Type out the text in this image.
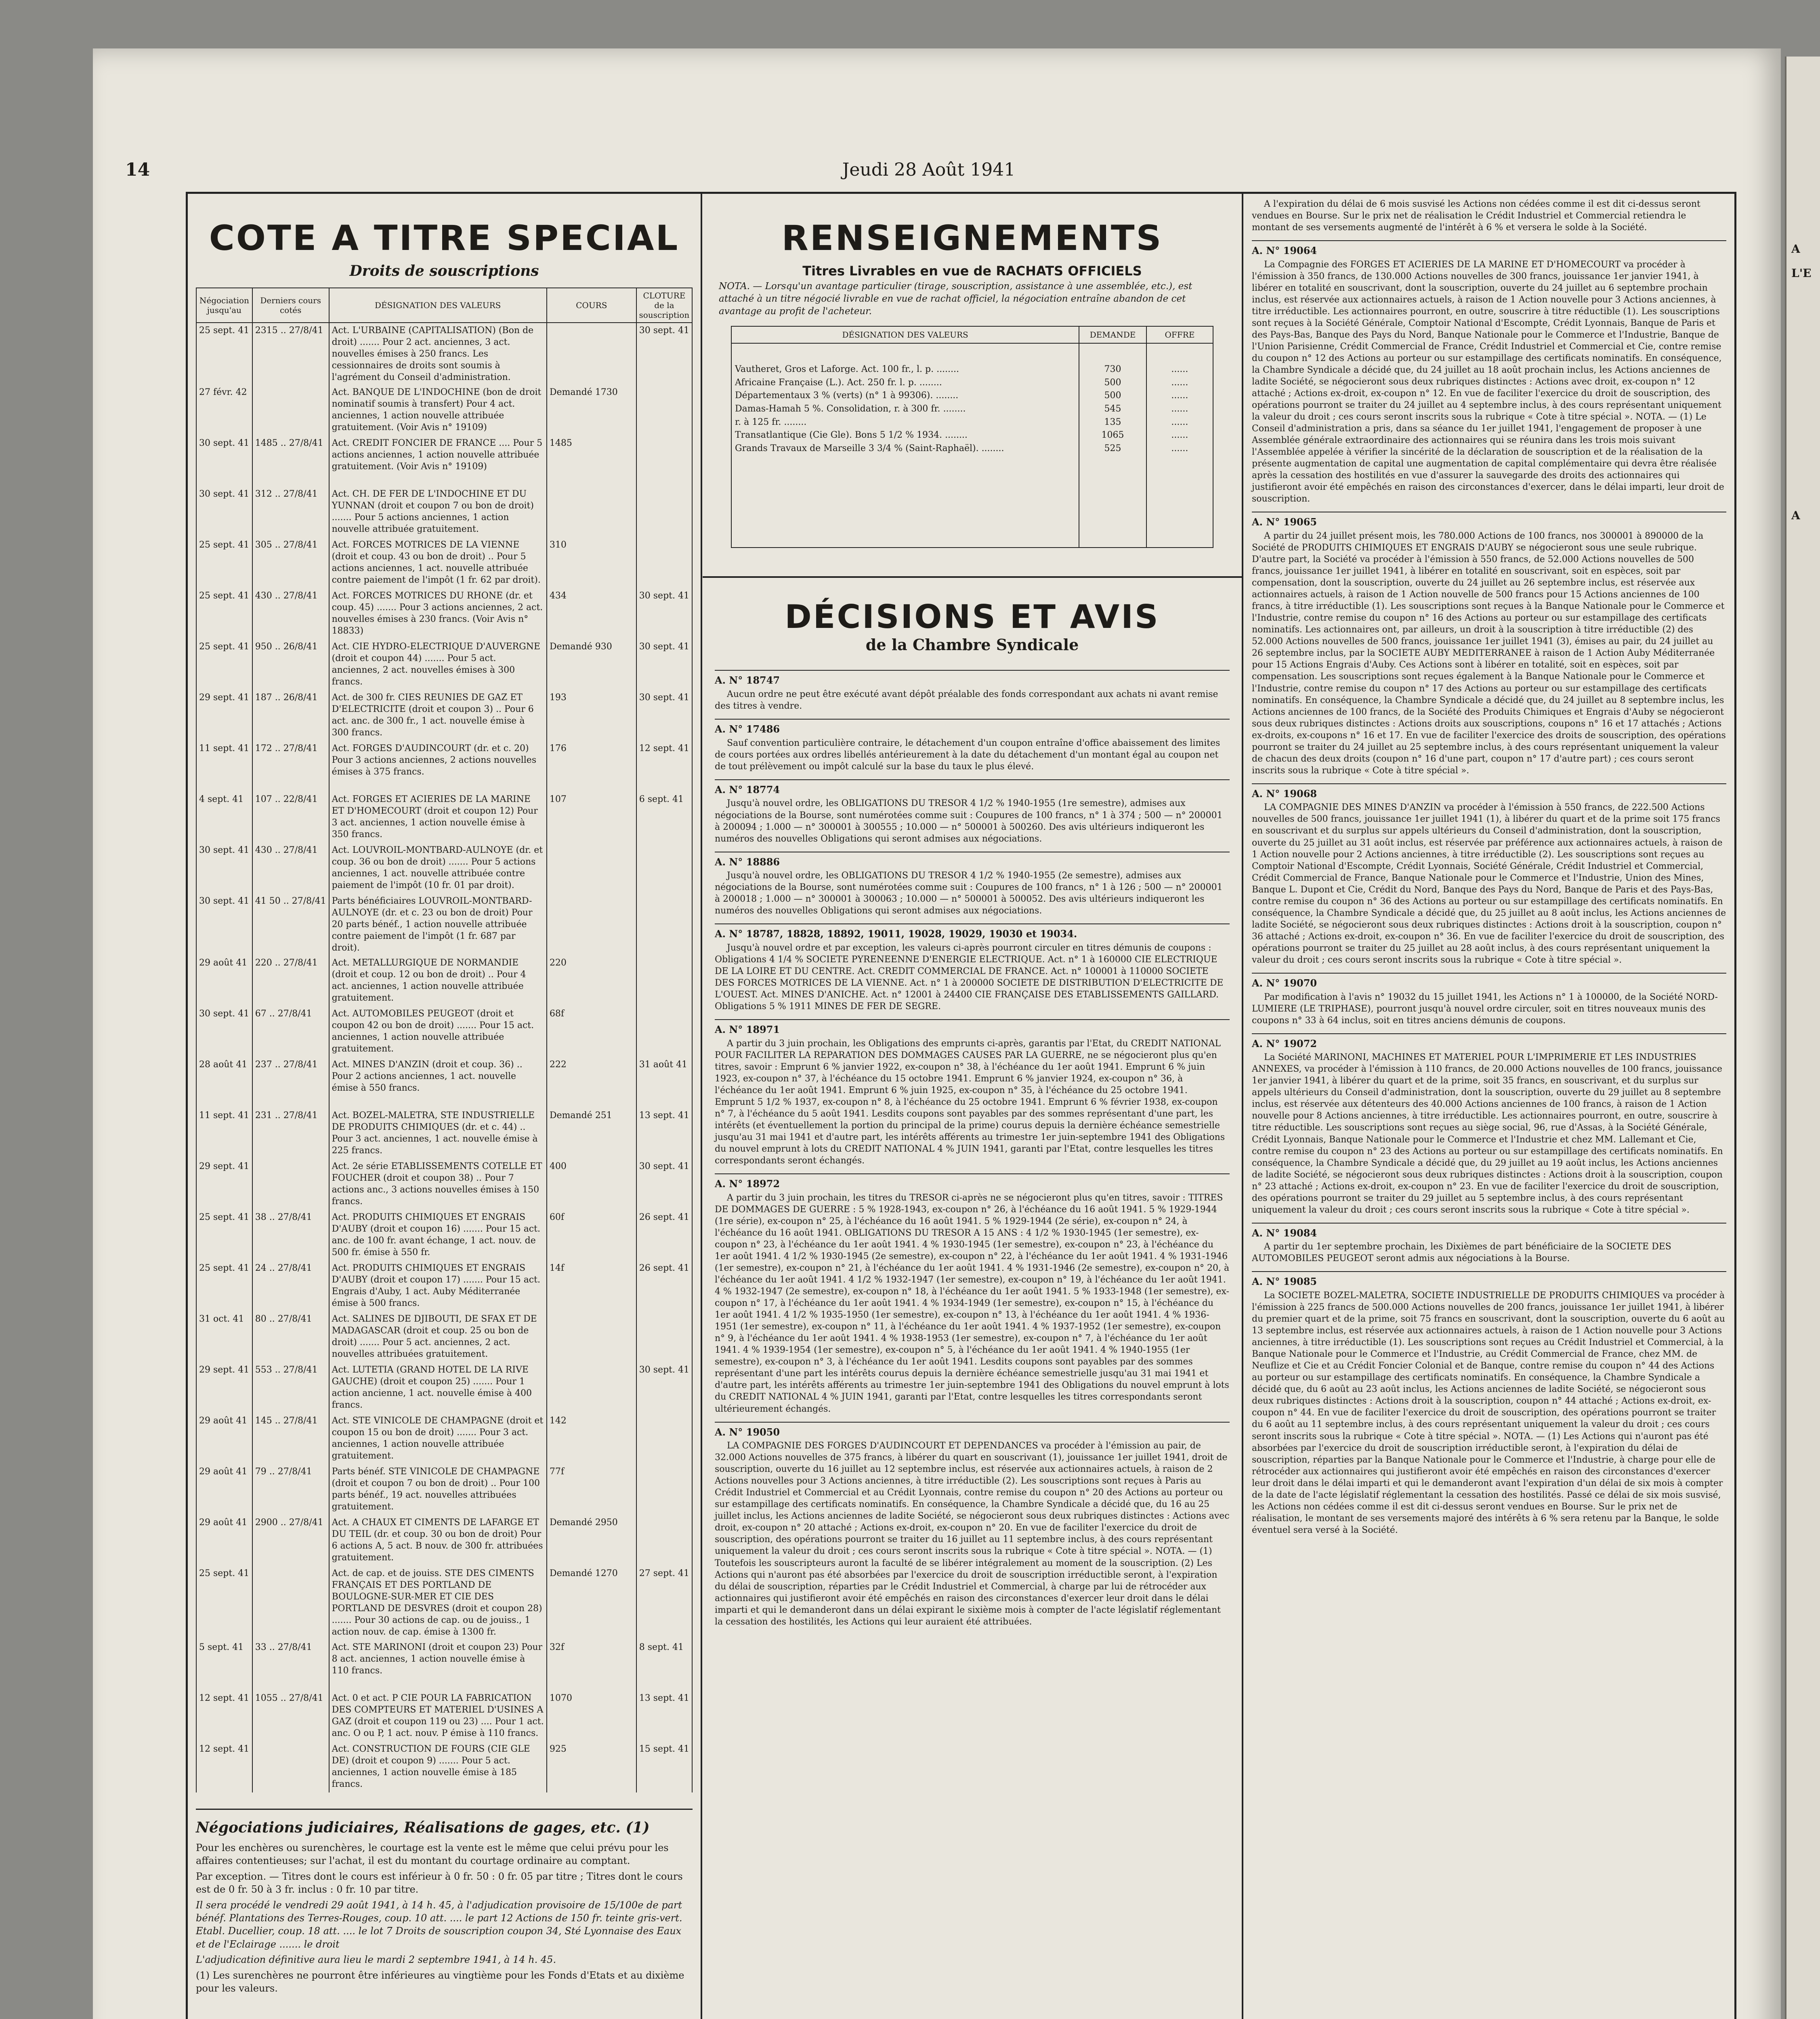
A
L'E
A
14	Jeudi 28 Août 1941
COTE A TITRE SPECIAL
Droits de souscriptions
Négociation jusqu'au	Derniers cours cotés	DÉSIGNATION DES VALEURS	COURS	CLOTURE de la souscription
25 sept. 41	2315 .. 27/8/41	Act. L'URBAINE (CAPITALISATION) (Bon de droit) ....... Pour 2 act. anciennes, 3 act. nouvelles émises à 250 francs. Les cessionnaires de droits sont soumis à l'agrément du Conseil d'administration.		30 sept. 41
27 févr. 42		Act. BANQUE DE L'INDOCHINE (bon de droit nominatif soumis à transfert) Pour 4 act. anciennes, 1 action nouvelle attribuée gratuitement. (Voir Avis n° 19109)	Demandé 1730	
30 sept. 41	1485 .. 27/8/41	Act. CREDIT FONCIER DE FRANCE .... Pour 5 actions anciennes, 1 action nouvelle attribuée gratuitement. (Voir Avis n° 19109)	1485	
30 sept. 41	312 .. 27/8/41	Act. CH. DE FER DE L'INDOCHINE ET DU YUNNAN (droit et coupon 7 ou bon de droit) ....... Pour 5 actions anciennes, 1 action nouvelle attribuée gratuitement.		
25 sept. 41	305 .. 27/8/41	Act. FORCES MOTRICES DE LA VIENNE (droit et coup. 43 ou bon de droit) .. Pour 5 actions anciennes, 1 act. nouvelle attribuée contre paiement de l'impôt (1 fr. 62 par droit).	310	
25 sept. 41	430 .. 27/8/41	Act. FORCES MOTRICES DU RHONE (dr. et coup. 45) ....... Pour 3 actions anciennes, 2 act. nouvelles émises à 230 francs. (Voir Avis n° 18833)	434	30 sept. 41
25 sept. 41	950 .. 26/8/41	Act. CIE HYDRO-ELECTRIQUE D'AUVERGNE (droit et coupon 44) ....... Pour 5 act. anciennes, 2 act. nouvelles émises à 300 francs.	Demandé 930	30 sept. 41
29 sept. 41	187 .. 26/8/41	Act. de 300 fr. CIES REUNIES DE GAZ ET D'ELECTRICITE (droit et coupon 3) .. Pour 6 act. anc. de 300 fr., 1 act. nouvelle émise à 300 francs.	193	30 sept. 41
11 sept. 41	172 .. 27/8/41	Act. FORGES D'AUDINCOURT (dr. et c. 20) Pour 3 actions anciennes, 2 actions nouvelles émises à 375 francs.	176	12 sept. 41
4 sept. 41	107 .. 22/8/41	Act. FORGES ET ACIERIES DE LA MARINE ET D'HOMECOURT (droit et coupon 12) Pour 3 act. anciennes, 1 action nouvelle émise à 350 francs.	107	6 sept. 41
30 sept. 41	430 .. 27/8/41	Act. LOUVROIL-MONTBARD-AULNOYE (dr. et coup. 36 ou bon de droit) ....... Pour 5 actions anciennes, 1 act. nouvelle attribuée contre paiement de l'impôt (10 fr. 01 par droit).		
30 sept. 41	41 50 .. 27/8/41	Parts bénéficiaires LOUVROIL-MONTBARD-AULNOYE (dr. et c. 23 ou bon de droit) Pour 20 parts bénéf., 1 action nouvelle attribuée contre paiement de l'impôt (1 fr. 687 par droit).		
29 août 41	220 .. 27/8/41	Act. METALLURGIQUE DE NORMANDIE (droit et coup. 12 ou bon de droit) .. Pour 4 act. anciennes, 1 action nouvelle attribuée gratuitement.	220	
30 sept. 41	67 .. 27/8/41	Act. AUTOMOBILES PEUGEOT (droit et coupon 42 ou bon de droit) ....... Pour 15 act. anciennes, 1 action nouvelle attribuée gratuitement.	68f	
28 août 41	237 .. 27/8/41	Act. MINES D'ANZIN (droit et coup. 36) .. Pour 2 actions anciennes, 1 act. nouvelle émise à 550 francs.	222	31 août 41
11 sept. 41	231 .. 27/8/41	Act. BOZEL-MALETRA, STE INDUSTRIELLE DE PRODUITS CHIMIQUES (dr. et c. 44) .. Pour 3 act. anciennes, 1 act. nouvelle émise à 225 francs.	Demandé 251	13 sept. 41
29 sept. 41		Act. 2e série ETABLISSEMENTS COTELLE ET FOUCHER (droit et coupon 38) .. Pour 7 actions anc., 3 actions nouvelles émises à 150 francs.	400	30 sept. 41
25 sept. 41	38 .. 27/8/41	Act. PRODUITS CHIMIQUES ET ENGRAIS D'AUBY (droit et coupon 16) ....... Pour 15 act. anc. de 100 fr. avant échange, 1 act. nouv. de 500 fr. émise à 550 fr.	60f	26 sept. 41
25 sept. 41	24 .. 27/8/41	Act. PRODUITS CHIMIQUES ET ENGRAIS D'AUBY (droit et coupon 17) ....... Pour 15 act. Engrais d'Auby, 1 act. Auby Méditerranée émise à 500 francs.	14f	26 sept. 41
31 oct. 41	80 .. 27/8/41	Act. SALINES DE DJIBOUTI, DE SFAX ET DE MADAGASCAR (droit et coup. 25 ou bon de droit) ....... Pour 5 act. anciennes, 2 act. nouvelles attribuées gratuitement.		
29 sept. 41	553 .. 27/8/41	Act. LUTETIA (GRAND HOTEL DE LA RIVE GAUCHE) (droit et coupon 25) ....... Pour 1 action ancienne, 1 act. nouvelle émise à 400 francs.		30 sept. 41
29 août 41	145 .. 27/8/41	Act. STE VINICOLE DE CHAMPAGNE (droit et coupon 15 ou bon de droit) ....... Pour 3 act. anciennes, 1 action nouvelle attribuée gratuitement.	142	
29 août 41	79 .. 27/8/41	Parts bénéf. STE VINICOLE DE CHAMPAGNE (droit et coupon 7 ou bon de droit) .. Pour 100 parts bénéf., 19 act. nouvelles attribuées gratuitement.	77f	
29 août 41	2900 .. 27/8/41	Act. A CHAUX ET CIMENTS DE LAFARGE ET DU TEIL (dr. et coup. 30 ou bon de droit) Pour 6 actions A, 5 act. B nouv. de 300 fr. attribuées gratuitement.	Demandé 2950	
25 sept. 41		Act. de cap. et de jouiss. STE DES CIMENTS FRANÇAIS ET DES PORTLAND DE BOULOGNE-SUR-MER ET CIE DES PORTLAND DE DESVRES (droit et coupon 28) ....... Pour 30 actions de cap. ou de jouiss., 1 action nouv. de cap. émise à 1300 fr.	Demandé 1270	27 sept. 41
5 sept. 41	33 .. 27/8/41	Act. STE MARINONI (droit et coupon 23) Pour 8 act. anciennes, 1 action nouvelle émise à 110 francs.	32f	8 sept. 41
12 sept. 41	1055 .. 27/8/41	Act. 0 et act. P CIE POUR LA FABRICATION DES COMPTEURS ET MATERIEL D'USINES A GAZ (droit et coupon 119 ou 23) .... Pour 1 act. anc. O ou P, 1 act. nouv. P émise à 110 francs.	1070	13 sept. 41
12 sept. 41		Act. CONSTRUCTION DE FOURS (CIE GLE DE) (droit et coupon 9) ....... Pour 5 act. anciennes, 1 action nouvelle émise à 185 francs.	925	15 sept. 41
Négociations judiciaires, Réalisations de gages, etc. (1)

Pour les enchères ou surenchères, le courtage est la vente est le même que celui prévu pour les affaires contentieuses; sur l'achat, il est du montant du courtage ordinaire au comptant.

Par exception. — Titres dont le cours est inférieur à 0 fr. 50 : 0 fr. 05 par titre ; Titres dont le cours est de 0 fr. 50 à 3 fr. inclus : 0 fr. 10 par titre.

Il sera procédé le vendredi 29 août 1941, à 14 h. 45, à l'adjudication provisoire de 15/100e de part bénéf. Plantations des Terres-Rouges, coup. 10 att. .... le part 12 Actions de 150 fr. teinte gris-vert. Etabl. Ducellier, coup. 18 att. .... le lot 7 Droits de souscription coupon 34, Sté Lyonnaise des Eaux et de l'Eclairage ....... le droit

L'adjudication définitive aura lieu le mardi 2 septembre 1941, à 14 h. 45.

(1) Les surenchères ne pourront être inférieures au vingtième pour les Fonds d'Etats et au dixième pour les valeurs.

RENSEIGNEMENTS
Titres Livrables en vue de RACHATS OFFICIELS
NOTA. — Lorsqu'un avantage particulier (tirage, souscription, assistance à une assemblée, etc.), est attaché à un titre négocié livrable en vue de rachat officiel, la négociation entraîne abandon de cet avantage au profit de l'acheteur.
DÉSIGNATION DES VALEURS	DEMANDE	OFFRE
Vautheret, Gros et Laforge. Act. 100 fr., l. p. ........	730	......
Africaine Française (L.). Act. 250 fr. l. p. ........	500	......
Départementaux 3 % (verts) (n° 1 à 99306). ........	500	......
Damas-Hamah 5 %. Consolidation, r. à 300 fr. ........	545	......
r. à 125 fr. ........	135	......
Transatlantique (Cie Gle). Bons 5 1/2 % 1934. ........	1065	......
Grands Travaux de Marseille 3 3/4 % (Saint-Raphaël). ........	525	......
DÉCISIONS ET AVIS
de la Chambre Syndicale
A. N° 18747

Aucun ordre ne peut être exécuté avant dépôt préalable des fonds correspondant aux achats ni avant remise des titres à vendre.

A. N° 17486

Sauf convention particulière contraire, le détachement d'un coupon entraîne d'office abaissement des limites de cours portées aux ordres libellés antérieurement à la date du détachement d'un montant égal au coupon net de tout prélèvement ou impôt calculé sur la base du taux le plus élevé.

A. N° 18774

Jusqu'à nouvel ordre, les OBLIGATIONS DU TRESOR 4 1/2 % 1940-1955 (1re semestre), admises aux négociations de la Bourse, sont numérotées comme suit : Coupures de 100 francs, n° 1 à 374 ; 500 — n° 200001 à 200094 ; 1.000 — n° 300001 à 300555 ; 10.000 — n° 500001 à 500260. Des avis ultérieurs indiqueront les numéros des nouvelles Obligations qui seront admises aux négociations.

A. N° 18886

Jusqu'à nouvel ordre, les OBLIGATIONS DU TRESOR 4 1/2 % 1940-1955 (2e semestre), admises aux négociations de la Bourse, sont numérotées comme suit : Coupures de 100 francs, n° 1 à 126 ; 500 — n° 200001 à 200018 ; 1.000 — n° 300001 à 300063 ; 10.000 — n° 500001 à 500052. Des avis ultérieurs indiqueront les numéros des nouvelles Obligations qui seront admises aux négociations.

A. N° 18787, 18828, 18892, 19011, 19028, 19029, 19030 et 19034.

Jusqu'à nouvel ordre et par exception, les valeurs ci-après pourront circuler en titres démunis de coupons : Obligations 4 1/4 % SOCIETE PYRENEENNE D'ENERGIE ELECTRIQUE. Act. n° 1 à 160000 CIE ELECTRIQUE DE LA LOIRE ET DU CENTRE. Act. CREDIT COMMERCIAL DE FRANCE. Act. n° 100001 à 110000 SOCIETE DES FORCES MOTRICES DE LA VIENNE. Act. n° 1 à 200000 SOCIETE DE DISTRIBUTION D'ELECTRICITE DE L'OUEST. Act. MINES D'ANICHE. Act. n° 12001 à 24400 CIE FRANÇAISE DES ETABLISSEMENTS GAILLARD. Obligations 5 % 1911 MINES DE FER DE SEGRE.

A. N° 18971

A partir du 3 juin prochain, les Obligations des emprunts ci-après, garantis par l'Etat, du CREDIT NATIONAL POUR FACILITER LA REPARATION DES DOMMAGES CAUSES PAR LA GUERRE, ne se négocieront plus qu'en titres, savoir : Emprunt 6 % janvier 1922, ex-coupon n° 38, à l'échéance du 1er août 1941. Emprunt 6 % juin 1923, ex-coupon n° 37, à l'échéance du 15 octobre 1941. Emprunt 6 % janvier 1924, ex-coupon n° 36, à l'échéance du 1er août 1941. Emprunt 6 % juin 1925, ex-coupon n° 35, à l'échéance du 25 octobre 1941. Emprunt 5 1/2 % 1937, ex-coupon n° 8, à l'échéance du 25 octobre 1941. Emprunt 6 % février 1938, ex-coupon n° 7, à l'échéance du 5 août 1941. Lesdits coupons sont payables par des sommes représentant d'une part, les intérêts (et éventuellement la portion du principal de la prime) courus depuis la dernière échéance semestrielle jusqu'au 31 mai 1941 et d'autre part, les intérêts afférents au trimestre 1er juin-septembre 1941 des Obligations du nouvel emprunt à lots du CREDIT NATIONAL 4 % JUIN 1941, garanti par l'Etat, contre lesquelles les titres correspondants seront échangés.

A. N° 18972

A partir du 3 juin prochain, les titres du TRESOR ci-après ne se négocieront plus qu'en titres, savoir : TITRES DE DOMMAGES DE GUERRE : 5 % 1928-1943, ex-coupon n° 26, à l'échéance du 16 août 1941. 5 % 1929-1944 (1re série), ex-coupon n° 25, à l'échéance du 16 août 1941. 5 % 1929-1944 (2e série), ex-coupon n° 24, à l'échéance du 16 août 1941. OBLIGATIONS DU TRESOR A 15 ANS : 4 1/2 % 1930-1945 (1er semestre), ex-coupon n° 23, à l'échéance du 1er août 1941. 4 % 1930-1945 (1er semestre), ex-coupon n° 23, à l'échéance du 1er août 1941. 4 1/2 % 1930-1945 (2e semestre), ex-coupon n° 22, à l'échéance du 1er août 1941. 4 % 1931-1946 (1er semestre), ex-coupon n° 21, à l'échéance du 1er août 1941. 4 % 1931-1946 (2e semestre), ex-coupon n° 20, à l'échéance du 1er août 1941. 4 1/2 % 1932-1947 (1er semestre), ex-coupon n° 19, à l'échéance du 1er août 1941. 4 % 1932-1947 (2e semestre), ex-coupon n° 18, à l'échéance du 1er août 1941. 5 % 1933-1948 (1er semestre), ex-coupon n° 17, à l'échéance du 1er août 1941. 4 % 1934-1949 (1er semestre), ex-coupon n° 15, à l'échéance du 1er août 1941. 4 1/2 % 1935-1950 (1er semestre), ex-coupon n° 13, à l'échéance du 1er août 1941. 4 % 1936-1951 (1er semestre), ex-coupon n° 11, à l'échéance du 1er août 1941. 4 % 1937-1952 (1er semestre), ex-coupon n° 9, à l'échéance du 1er août 1941. 4 % 1938-1953 (1er semestre), ex-coupon n° 7, à l'échéance du 1er août 1941. 4 % 1939-1954 (1er semestre), ex-coupon n° 5, à l'échéance du 1er août 1941. 4 % 1940-1955 (1er semestre), ex-coupon n° 3, à l'échéance du 1er août 1941. Lesdits coupons sont payables par des sommes représentant d'une part les intérêts courus depuis la dernière échéance semestrielle jusqu'au 31 mai 1941 et d'autre part, les intérêts afférents au trimestre 1er juin-septembre 1941 des Obligations du nouvel emprunt à lots du CREDIT NATIONAL 4 % JUIN 1941, garanti par l'Etat, contre lesquelles les titres correspondants seront ultérieurement échangés.

A. N° 19050

LA COMPAGNIE DES FORGES D'AUDINCOURT ET DEPENDANCES va procéder à l'émission au pair, de 32.000 Actions nouvelles de 375 francs, à libérer du quart en souscrivant (1), jouissance 1er juillet 1941, droit de souscription, ouverte du 16 juillet au 12 septembre inclus, est réservée aux actionnaires actuels, à raison de 2 Actions nouvelles pour 3 Actions anciennes, à titre irréductible (2). Les souscriptions sont reçues à Paris au Crédit Industriel et Commercial et au Crédit Lyonnais, contre remise du coupon n° 20 des Actions au porteur ou sur estampillage des certificats nominatifs. En conséquence, la Chambre Syndicale a décidé que, du 16 au 25 juillet inclus, les Actions anciennes de ladite Société, se négocieront sous deux rubriques distinctes : Actions avec droit, ex-coupon n° 20 attaché ; Actions ex-droit, ex-coupon n° 20. En vue de faciliter l'exercice du droit de souscription, des opérations pourront se traiter du 16 juillet au 11 septembre inclus, à des cours représentant uniquement la valeur du droit ; ces cours seront inscrits sous la rubrique « Cote à titre spécial ». NOTA. — (1) Toutefois les souscripteurs auront la faculté de se libérer intégralement au moment de la souscription. (2) Les Actions qui n'auront pas été absorbées par l'exercice du droit de souscription irréductible seront, à l'expiration du délai de souscription, réparties par le Crédit Industriel et Commercial, à charge par lui de rétrocéder aux actionnaires qui justifieront avoir été empêchés en raison des circonstances d'exercer leur droit dans le délai imparti et qui le demanderont dans un délai expirant le sixième mois à compter de l'acte législatif réglementant la cessation des hostilités, les Actions qui leur auraient été attribuées.

A l'expiration du délai de 6 mois susvisé les Actions non cédées comme il est dit ci-dessus seront vendues en Bourse. Sur le prix net de réalisation le Crédit Industriel et Commercial retiendra le montant de ses versements augmenté de l'intérêt à 6 % et versera le solde à la Société.

A. N° 19064

La Compagnie des FORGES ET ACIERIES DE LA MARINE ET D'HOMECOURT va procéder à l'émission à 350 francs, de 130.000 Actions nouvelles de 300 francs, jouissance 1er janvier 1941, à libérer en totalité en souscrivant, dont la souscription, ouverte du 24 juillet au 6 septembre prochain inclus, est réservée aux actionnaires actuels, à raison de 1 Action nouvelle pour 3 Actions anciennes, à titre irréductible. Les actionnaires pourront, en outre, souscrire à titre réductible (1). Les souscriptions sont reçues à la Société Générale, Comptoir National d'Escompte, Crédit Lyonnais, Banque de Paris et des Pays-Bas, Banque des Pays du Nord, Banque Nationale pour le Commerce et l'Industrie, Banque de l'Union Parisienne, Crédit Commercial de France, Crédit Industriel et Commercial et Cie, contre remise du coupon n° 12 des Actions au porteur ou sur estampillage des certificats nominatifs. En conséquence, la Chambre Syndicale a décidé que, du 24 juillet au 18 août prochain inclus, les Actions anciennes de ladite Société, se négocieront sous deux rubriques distinctes : Actions avec droit, ex-coupon n° 12 attaché ; Actions ex-droit, ex-coupon n° 12. En vue de faciliter l'exercice du droit de souscription, des opérations pourront se traiter du 24 juillet au 4 septembre inclus, à des cours représentant uniquement la valeur du droit ; ces cours seront inscrits sous la rubrique « Cote à titre spécial ». NOTA. — (1) Le Conseil d'administration a pris, dans sa séance du 1er juillet 1941, l'engagement de proposer à une Assemblée générale extraordinaire des actionnaires qui se réunira dans les trois mois suivant l'Assemblée appelée à vérifier la sincérité de la déclaration de souscription et de la réalisation de la présente augmentation de capital une augmentation de capital complémentaire qui devra être réalisée après la cessation des hostilités en vue d'assurer la sauvegarde des droits des actionnaires qui justifieront avoir été empêchés en raison des circonstances d'exercer, dans le délai imparti, leur droit de souscription.

A. N° 19065

A partir du 24 juillet présent mois, les 780.000 Actions de 100 francs, nos 300001 à 890000 de la Société de PRODUITS CHIMIQUES ET ENGRAIS D'AUBY se négocieront sous une seule rubrique. D'autre part, la Société va procéder à l'émission à 550 francs, de 52.000 Actions nouvelles de 500 francs, jouissance 1er juillet 1941, à libérer en totalité en souscrivant, soit en espèces, soit par compensation, dont la souscription, ouverte du 24 juillet au 26 septembre inclus, est réservée aux actionnaires actuels, à raison de 1 Action nouvelle de 500 francs pour 15 Actions anciennes de 100 francs, à titre irréductible (1). Les souscriptions sont reçues à la Banque Nationale pour le Commerce et l'Industrie, contre remise du coupon n° 16 des Actions au porteur ou sur estampillage des certificats nominatifs. Les actionnaires ont, par ailleurs, un droit à la souscription à titre irréductible (2) des 52.000 Actions nouvelles de 500 francs, jouissance 1er juillet 1941 (3), émises au pair, du 24 juillet au 26 septembre inclus, par la SOCIETE AUBY MEDITERRANEE à raison de 1 Action Auby Méditerranée pour 15 Actions Engrais d'Auby. Ces Actions sont à libérer en totalité, soit en espèces, soit par compensation. Les souscriptions sont reçues également à la Banque Nationale pour le Commerce et l'Industrie, contre remise du coupon n° 17 des Actions au porteur ou sur estampillage des certificats nominatifs. En conséquence, la Chambre Syndicale a décidé que, du 24 juillet au 8 septembre inclus, les Actions anciennes de 100 francs, de la Société des Produits Chimiques et Engrais d'Auby se négocieront sous deux rubriques distinctes : Actions droits aux souscriptions, coupons n° 16 et 17 attachés ; Actions ex-droits, ex-coupons n° 16 et 17. En vue de faciliter l'exercice des droits de souscription, des opérations pourront se traiter du 24 juillet au 25 septembre inclus, à des cours représentant uniquement la valeur de chacun des deux droits (coupon n° 16 d'une part, coupon n° 17 d'autre part) ; ces cours seront inscrits sous la rubrique « Cote à titre spécial ».

A. N° 19068

LA COMPAGNIE DES MINES D'ANZIN va procéder à l'émission à 550 francs, de 222.500 Actions nouvelles de 500 francs, jouissance 1er juillet 1941 (1), à libérer du quart et de la prime soit 175 francs en souscrivant et du surplus sur appels ultérieurs du Conseil d'administration, dont la souscription, ouverte du 25 juillet au 31 août inclus, est réservée par préférence aux actionnaires actuels, à raison de 1 Action nouvelle pour 2 Actions anciennes, à titre irréductible (2). Les souscriptions sont reçues au Comptoir National d'Escompte, Crédit Lyonnais, Société Générale, Crédit Industriel et Commercial, Crédit Commercial de France, Banque Nationale pour le Commerce et l'Industrie, Union des Mines, Banque L. Dupont et Cie, Crédit du Nord, Banque des Pays du Nord, Banque de Paris et des Pays-Bas, contre remise du coupon n° 36 des Actions au porteur ou sur estampillage des certificats nominatifs. En conséquence, la Chambre Syndicale a décidé que, du 25 juillet au 8 août inclus, les Actions anciennes de ladite Société, se négocieront sous deux rubriques distinctes : Actions droit à la souscription, coupon n° 36 attaché ; Actions ex-droit, ex-coupon n° 36. En vue de faciliter l'exercice du droit de souscription, des opérations pourront se traiter du 25 juillet au 28 août inclus, à des cours représentant uniquement la valeur du droit ; ces cours seront inscrits sous la rubrique « Cote à titre spécial ».

A. N° 19070

Par modification à l'avis n° 19032 du 15 juillet 1941, les Actions n° 1 à 100000, de la Société NORD-LUMIERE (LE TRIPHASE), pourront jusqu'à nouvel ordre circuler, soit en titres nouveaux munis des coupons n° 33 à 64 inclus, soit en titres anciens démunis de coupons.

A. N° 19072

La Société MARINONI, MACHINES ET MATERIEL POUR L'IMPRIMERIE ET LES INDUSTRIES ANNEXES, va procéder à l'émission à 110 francs, de 20.000 Actions nouvelles de 100 francs, jouissance 1er janvier 1941, à libérer du quart et de la prime, soit 35 francs, en souscrivant, et du surplus sur appels ultérieurs du Conseil d'administration, dont la souscription, ouverte du 29 juillet au 8 septembre inclus, est réservée aux détenteurs des 40.000 Actions anciennes de 100 francs, à raison de 1 Action nouvelle pour 8 Actions anciennes, à titre irréductible. Les actionnaires pourront, en outre, souscrire à titre réductible. Les souscriptions sont reçues au siège social, 96, rue d'Assas, à la Société Générale, Crédit Lyonnais, Banque Nationale pour le Commerce et l'Industrie et chez MM. Lallemant et Cie, contre remise du coupon n° 23 des Actions au porteur ou sur estampillage des certificats nominatifs. En conséquence, la Chambre Syndicale a décidé que, du 29 juillet au 19 août inclus, les Actions anciennes de ladite Société, se négocieront sous deux rubriques distinctes : Actions droit à la souscription, coupon n° 23 attaché ; Actions ex-droit, ex-coupon n° 23. En vue de faciliter l'exercice du droit de souscription, des opérations pourront se traiter du 29 juillet au 5 septembre inclus, à des cours représentant uniquement la valeur du droit ; ces cours seront inscrits sous la rubrique « Cote à titre spécial ».

A. N° 19084

A partir du 1er septembre prochain, les Dixièmes de part bénéficiaire de la SOCIETE DES AUTOMOBILES PEUGEOT seront admis aux négociations à la Bourse.

A. N° 19085

La SOCIETE BOZEL-MALETRA, SOCIETE INDUSTRIELLE DE PRODUITS CHIMIQUES va procéder à l'émission à 225 francs de 500.000 Actions nouvelles de 200 francs, jouissance 1er juillet 1941, à libérer du premier quart et de la prime, soit 75 francs en souscrivant, dont la souscription, ouverte du 6 août au 13 septembre inclus, est réservée aux actionnaires actuels, à raison de 1 Action nouvelle pour 3 Actions anciennes, à titre irréductible (1). Les souscriptions sont reçues au Crédit Industriel et Commercial, à la Banque Nationale pour le Commerce et l'Industrie, au Crédit Commercial de France, chez MM. de Neuflize et Cie et au Crédit Foncier Colonial et de Banque, contre remise du coupon n° 44 des Actions au porteur ou sur estampillage des certificats nominatifs. En conséquence, la Chambre Syndicale a décidé que, du 6 août au 23 août inclus, les Actions anciennes de ladite Société, se négocieront sous deux rubriques distinctes : Actions droit à la souscription, coupon n° 44 attaché ; Actions ex-droit, ex-coupon n° 44. En vue de faciliter l'exercice du droit de souscription, des opérations pourront se traiter du 6 août au 11 septembre inclus, à des cours représentant uniquement la valeur du droit ; ces cours seront inscrits sous la rubrique « Cote à titre spécial ». NOTA. — (1) Les Actions qui n'auront pas été absorbées par l'exercice du droit de souscription irréductible seront, à l'expiration du délai de souscription, réparties par la Banque Nationale pour le Commerce et l'Industrie, à charge pour elle de rétrocéder aux actionnaires qui justifieront avoir été empêchés en raison des circonstances d'exercer leur droit dans le délai imparti et qui le demanderont avant l'expiration d'un délai de six mois à compter de la date de l'acte législatif réglementant la cessation des hostilités. Passé ce délai de six mois susvisé, les Actions non cédées comme il est dit ci-dessus seront vendues en Bourse. Sur le prix net de réalisation, le montant de ses versements majoré des intérêts à 6 % sera retenu par la Banque, le solde éventuel sera versé à la Société.
